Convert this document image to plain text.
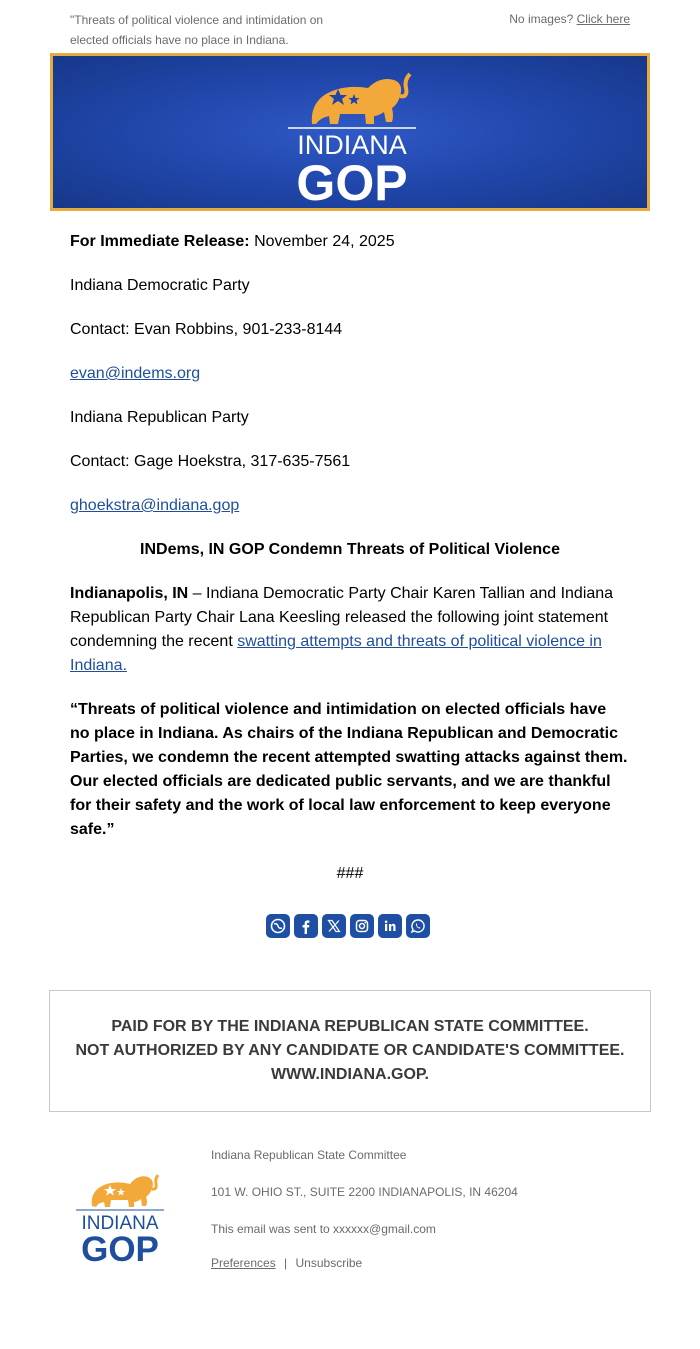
"Threats of political violence and intimidation on elected officials have no place in Indiana.
No images? Click here
INDIANA
GOP
For Immediate Release: November 24, 2025
Indiana Democratic Party
Contact: Evan Robbins, 901-233-8144
evan@indems.org
Indiana Republican Party
Contact: Gage Hoekstra, 317-635-7561
ghoekstra@indiana.gop
INDems, IN GOP Condemn Threats of Political Violence
Indianapolis, IN – Indiana Democratic Party Chair Karen Tallian and Indiana Republican Party Chair Lana Keesling released the following joint statement condemning the recent swatting attempts and threats of political violence in Indiana.
“Threats of political violence and intimidation on elected officials have no place in Indiana. As chairs of the Indiana Republican and Democratic Parties, we condemn the recent attempted swatting attacks against them. Our elected officials are dedicated public servants, and we are thankful for their safety and the work of local law enforcement to keep everyone safe.”
###
PAID FOR BY THE INDIANA REPUBLICAN STATE COMMITTEE.
NOT AUTHORIZED BY ANY CANDIDATE OR CANDIDATE'S COMMITTEE.
WWW.INDIANA.GOP.
INDIANA
GOP
Indiana Republican State Committee
101 W. OHIO ST., SUITE 2200 INDIANAPOLIS, IN 46204
This email was sent to xxxxxx@gmail.com
Preferences | Unsubscribe
